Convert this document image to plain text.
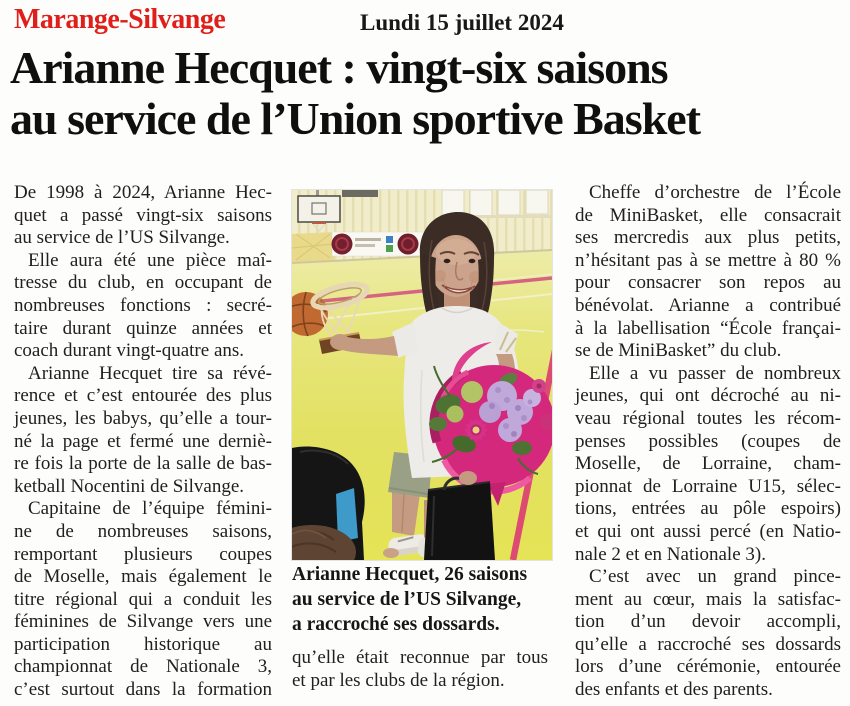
Marange-Silvange	Lundi 15 juillet 2024
Arianne Hecquet : vingt-six saisons
au service de l’Union sportive Basket
De 1998 à 2024, Arianne Hec-
quet a passé vingt-six saisons
au service de l’US Silvange.
Elle aura été une pièce maî-
tresse du club, en occupant de
nombreuses fonctions : secré-
taire durant quinze années et
coach durant vingt-quatre ans.
Arianne Hecquet tire sa révé-
rence et c’est entourée des plus
jeunes, les babys, qu’elle a tour-
né la page et fermé une derniè-
re fois la porte de la salle de bas-
ketball Nocentini de Silvange.
Capitaine de l’équipe fémini-
ne de nombreuses saisons,
remportant plusieurs coupes
de Moselle, mais également le
titre régional qui a conduit les
féminines de Silvange vers une
participation historique au
championnat de Nationale 3,
c’est surtout dans la formation
Arianne Hecquet, 26 saisons
au service de l’US Silvange,
a raccroché ses dossards.
qu’elle était reconnue par tous
et par les clubs de la région.
Cheffe d’orchestre de l’École
de MiniBasket, elle consacrait
ses mercredis aux plus petits,
n’hésitant pas à se mettre à 80 %
pour consacrer son repos au
bénévolat. Arianne a contribué
à la labellisation “École françai-
se de MiniBasket” du club.
Elle a vu passer de nombreux
jeunes, qui ont décroché au ni-
veau régional toutes les récom-
penses possibles (coupes de
Moselle, de Lorraine, cham-
pionnat de Lorraine U15, sélec-
tions, entrées au pôle espoirs)
et qui ont aussi percé (en Natio-
nale 2 et en Nationale 3).
C’est avec un grand pince-
ment au cœur, mais la satisfac-
tion d’un devoir accompli,
qu’elle a raccroché ses dossards
lors d’une cérémonie, entourée
des enfants et des parents.
